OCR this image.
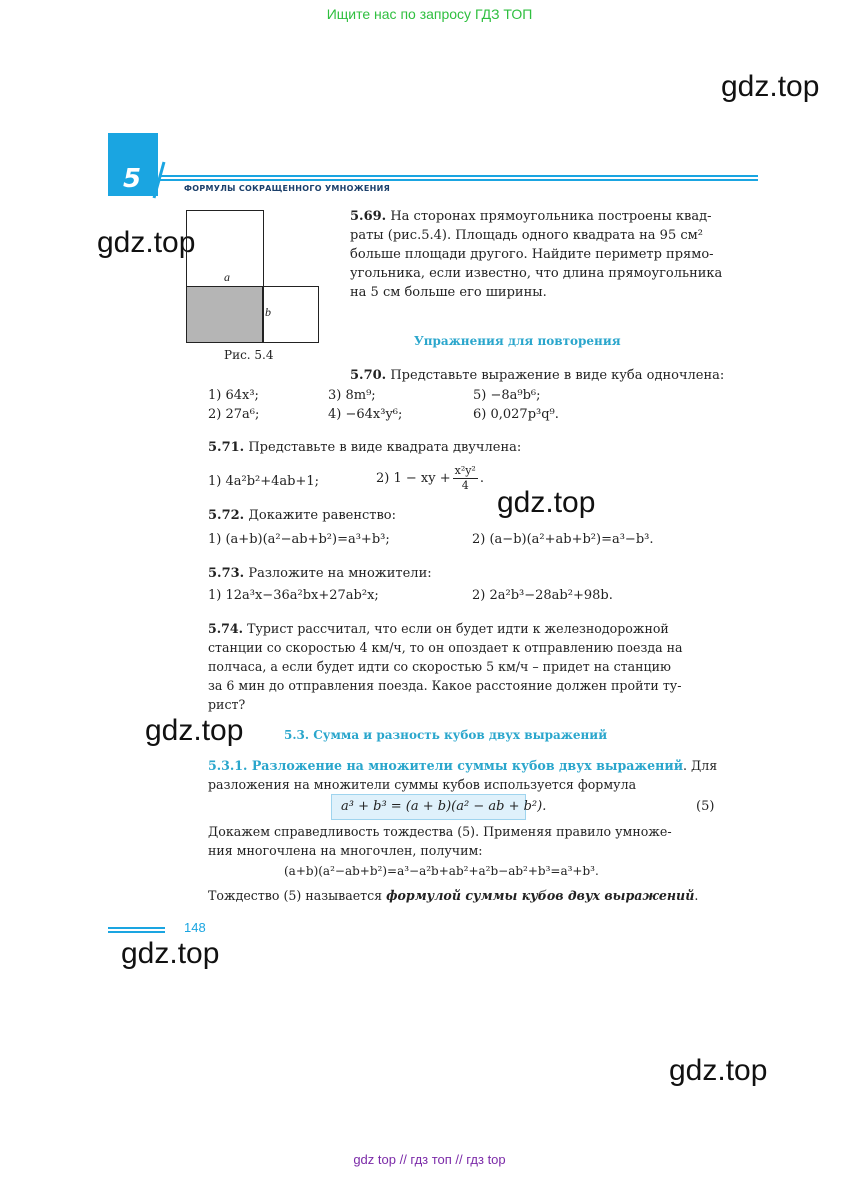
Ищите нас по запросу ГДЗ ТОП
gdz.top
gdz.top
gdz.top
gdz.top
gdz.top
gdz.top
5	ФОРМУЛЫ СОКРАЩЕННОГО УМНОЖЕНИЯ
a
b
Рис. 5.4
5.69. На сторонах прямоугольника построены квад-
раты (рис.5.4). Площадь одного квадрата на 95 см²
больше площади другого. Найдите периметр прямо-
угольника, если известно, что длина прямоугольника
на 5 см больше его ширины.
Упражнения для повторения
5.70. Представьте выражение в виде куба одночлена:
1) 64x³;	3) 8m⁹;	5) −8a⁹b⁶;
2) 27a⁶;	4) −64x³y⁶;	6) 0,027p³q⁹.
5.71. Представьте в виде квадрата двучлена:
1) 4a²b²+4ab+1;	2) 1 − xy + $\frac{\text{x²y²}}{4}$ .
5.72. Докажите равенство:
1) (a+b)(a²−ab+b²)=a³+b³;	2) (a−b)(a²+ab+b²)=a³−b³.
5.73. Разложите на множители:
1) 12a³x−36a²bx+27ab²x;	2) 2a²b³−28ab²+98b.
5.74. Турист рассчитал, что если он будет идти к железнодорожной
станции со скоростью 4 км/ч, то он опоздает к отправлению поезда на
полчаса, а если будет идти со скоростью 5 км/ч – придет на станцию
за 6 мин до отправления поезда. Какое расстояние должен пройти ту-
рист?
5.3. Сумма и разность кубов двух выражений
5.3.1. Разложение на множители суммы кубов двух выражений. Для
разложения на множители суммы кубов используется формула
a³ + b³ = (a + b)(a² − ab + b²).	(5)
Докажем справедливость тождества (5). Применяя правило умноже-
ния многочлена на многочлен, получим:
(a+b)(a²−ab+b²)=a³−a²b+ab²+a²b−ab²+b³=a³+b³.
Тождество (5) называется формулой суммы кубов двух выражений.
148
gdz top // гдз топ // гдз top
